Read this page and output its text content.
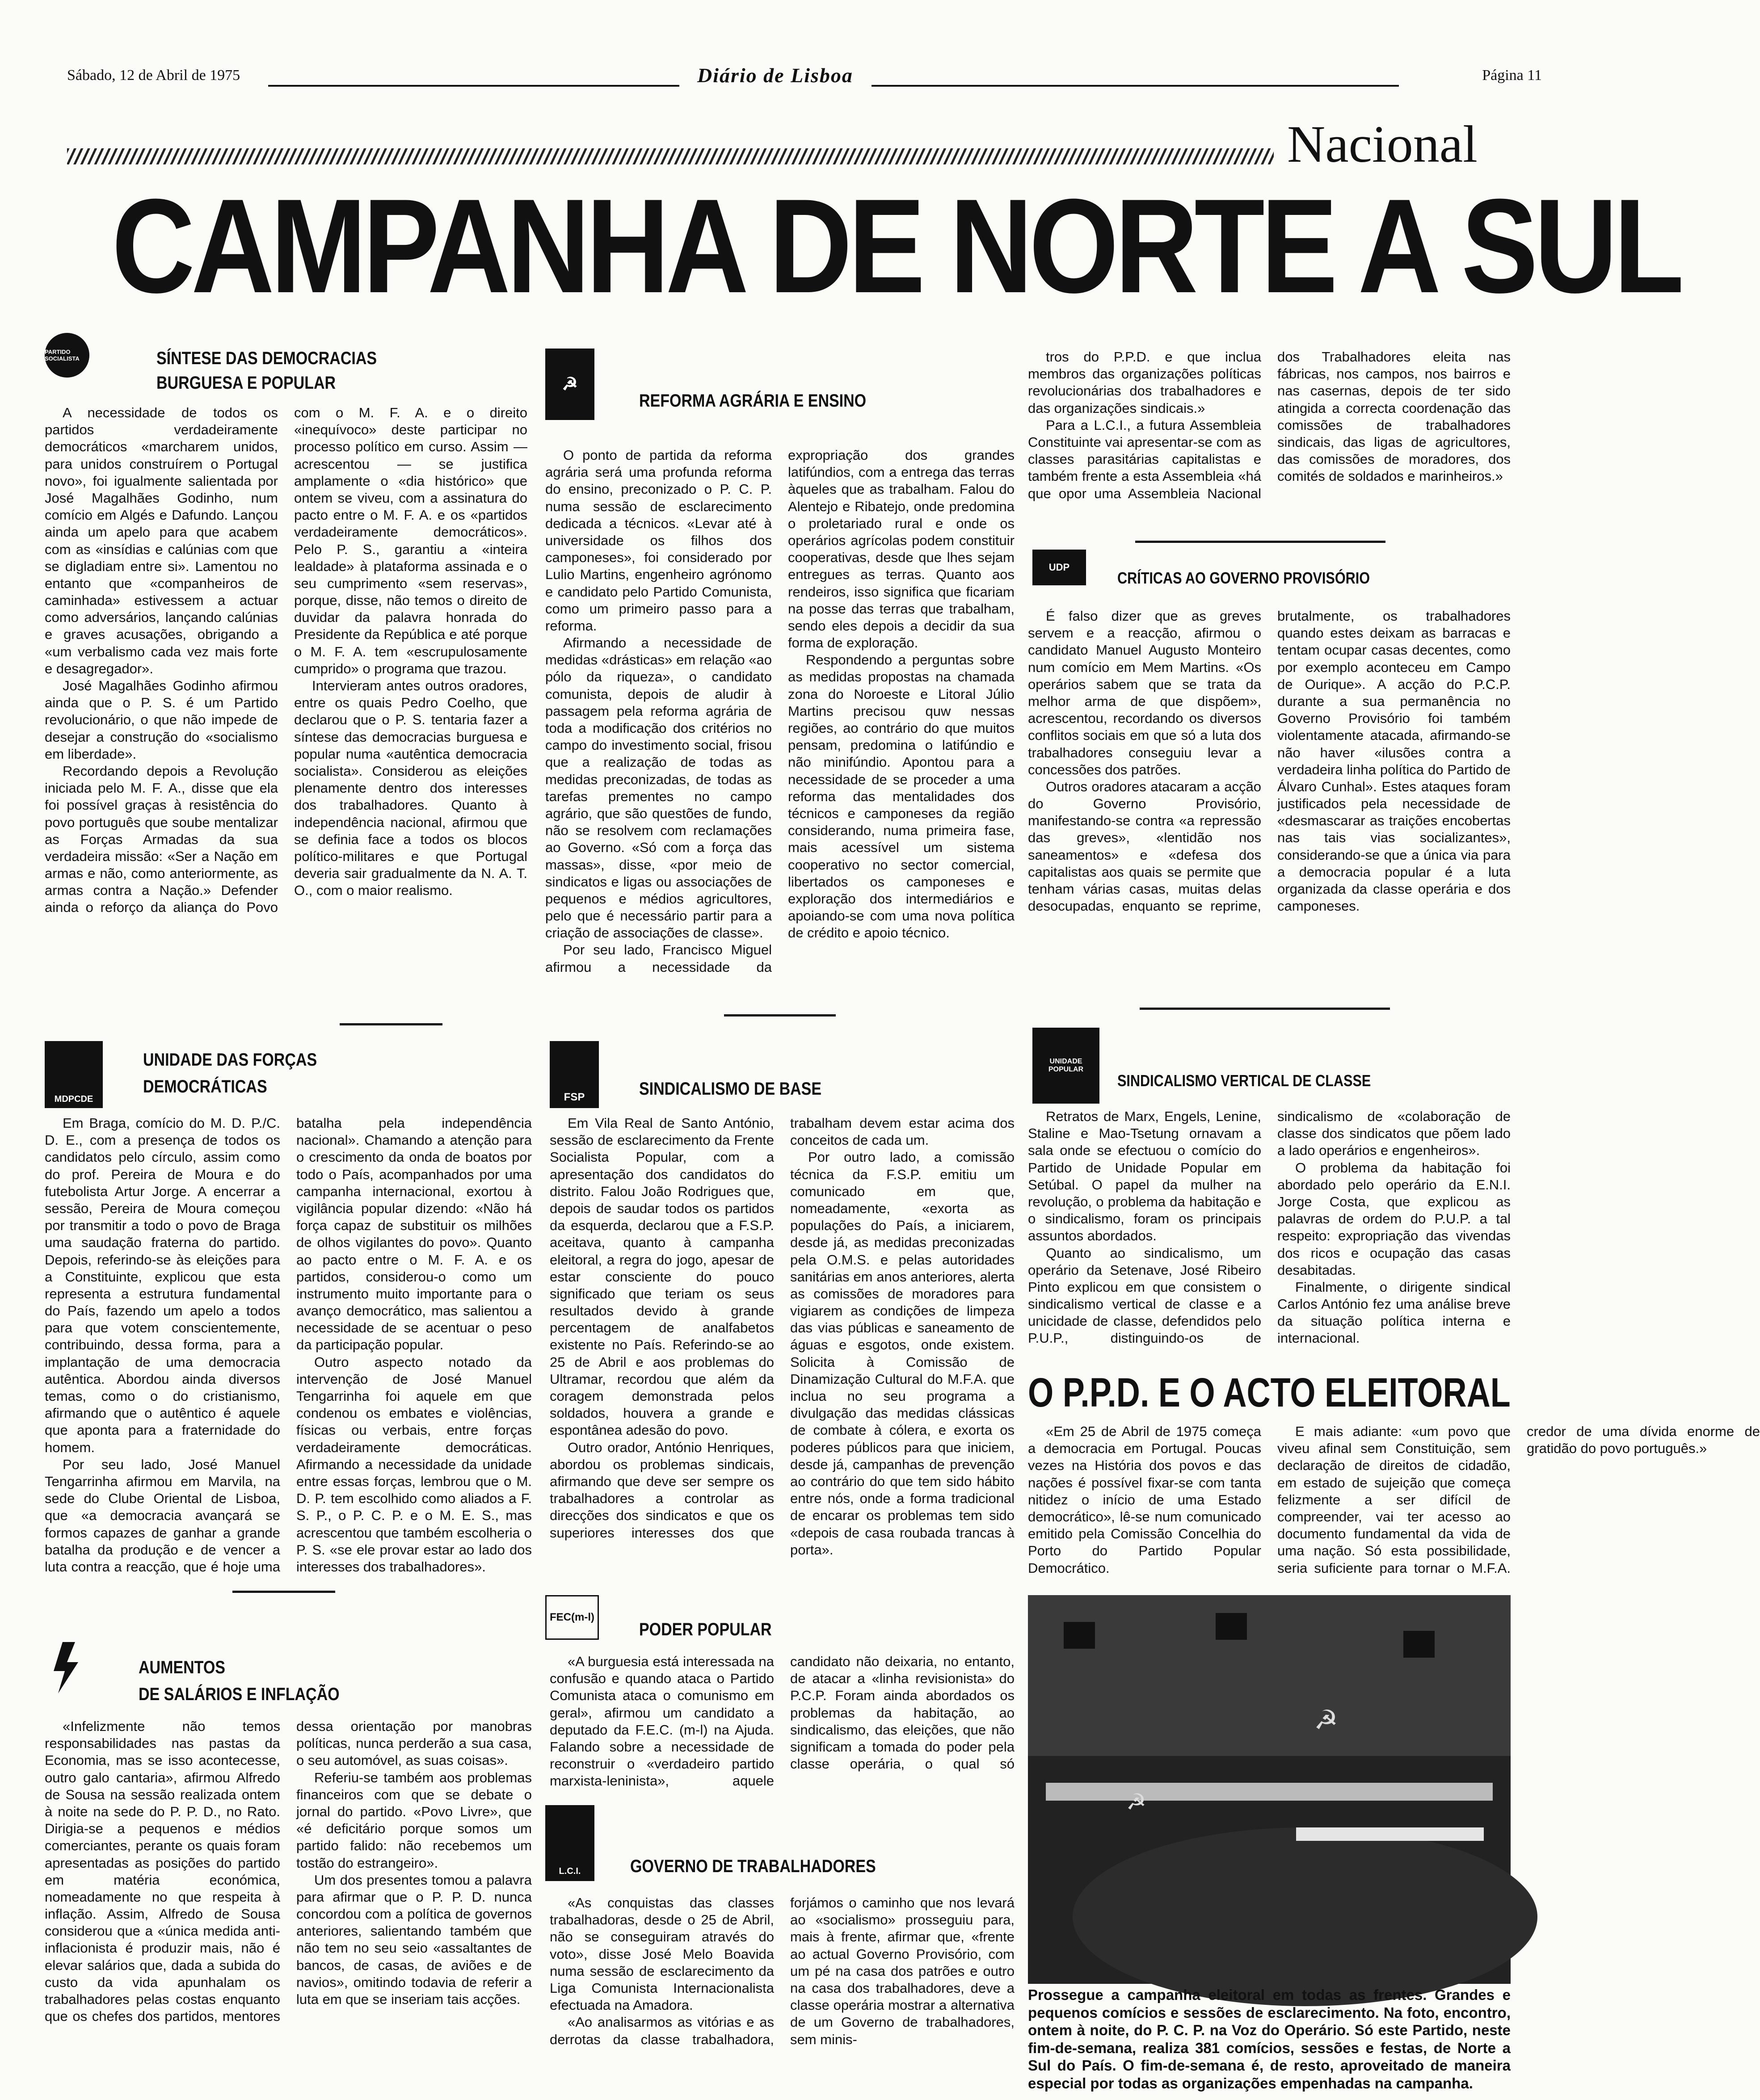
Sábado, 12 de Abril de 1975	Diário de Lisboa	Página 11
Nacional
CAMPANHA DE NORTE A SUL
PARTIDO SOCIALISTA	SÍNTESE DAS DEMOCRACIAS
BURGUESA E POPULAR

A necessidade de todos os partidos verdadeiramente democráticos «marcharem unidos, para unidos construírem o Portugal novo», foi igualmente salientada por José Magalhães Godinho, num comício em Algés e Dafundo. Lançou ainda um apelo para que acabem com as «insídias e calúnias com que se digladiam entre si». Lamentou no entanto que «companheiros de caminhada» estivessem a actuar como adversários, lançando calúnias e graves acusações, obrigando a «um verbalismo cada vez mais forte e desagregador».

José Magalhães Godinho afirmou ainda que o P. S. é um Partido revolucionário, o que não impede de desejar a construção do «socialismo em liberdade».

Recordando depois a Revolução iniciada pelo M. F. A., disse que ela foi possível graças à resistência do povo português que soube mentalizar as Forças Armadas da sua verdadeira missão: «Ser a Nação em armas e não, como anteriormente, as armas contra a Nação.» Defender ainda o reforço da aliança do Povo com o M. F. A. e o direito «inequívoco» deste participar no processo político em curso. Assim — acrescentou — se justifica amplamente o «dia histórico» que ontem se viveu, com a assinatura do pacto entre o M. F. A. e os «partidos verdadeiramente democráticos». Pelo P. S., garantiu a «inteira lealdade» à plataforma assinada e o seu cumprimento «sem reservas», porque, disse, não temos o direito de duvidar da palavra honrada do Presidente da República e até porque o M. F. A. tem «escrupulosamente cumprido» o programa que trazou.

Intervieram antes outros oradores, entre os quais Pedro Coelho, que declarou que o P. S. tentaria fazer a síntese das democracias burguesa e popular numa «autêntica democracia socialista». Considerou as eleições plenamente dentro dos interesses dos trabalhadores. Quanto à independência nacional, afirmou que se definia face a todos os blocos político-militares e que Portugal deveria sair gradualmente da N. A. T. O., com o maior realismo.

☭
REFORMA AGRÁRIA E ENSINO

O ponto de partida da reforma agrária será uma profunda reforma do ensino, preconizado o P. C. P. numa sessão de esclarecimento dedicada a técnicos. «Levar até à universidade os filhos dos camponeses», foi considerado por Lulio Martins, engenheiro agrónomo e candidato pelo Partido Comunista, como um primeiro passo para a reforma.

Afirmando a necessidade de medidas «drásticas» em relação «ao pólo da riqueza», o candidato comunista, depois de aludir à passagem pela reforma agrária de toda a modificação dos critérios no campo do investimento social, frisou que a realização de todas as medidas preconizadas, de todas as tarefas prementes no campo agrário, que são questões de fundo, não se resolvem com reclamações ao Governo. «Só com a força das massas», disse, «por meio de sindicatos e ligas ou associações de pequenos e médios agricultores, pelo que é necessário partir para a criação de associações de classe».

Por seu lado, Francisco Miguel afirmou a necessidade da expropriação dos grandes latifúndios, com a entrega das terras àqueles que as trabalham. Falou do Alentejo e Ribatejo, onde predomina o proletariado rural e onde os operários agrícolas podem constituir cooperativas, desde que lhes sejam entregues as terras. Quanto aos rendeiros, isso significa que ficariam na posse das terras que trabalham, sendo eles depois a decidir da sua forma de exploração.

Respondendo a perguntas sobre as medidas propostas na chamada zona do Noroeste e Litoral Júlio Martins precisou quw nessas regiões, ao contrário do que muitos pensam, predomina o latifúndio e não minifúndio. Apontou para a necessidade de se proceder a uma reforma das mentalidades dos técnicos e camponeses da região considerando, numa primeira fase, mais acessível um sistema cooperativo no sector comercial, libertados os camponeses e exploração dos intermediários e apoiando-se com uma nova política de crédito e apoio técnico.

tros do P.P.D. e que inclua membros das organizações políticas revolucionárias dos trabalhadores e das organizações sindicais.»

Para a L.C.I., a futura Assembleia Constituinte vai apresentar-se com as classes parasitárias capitalistas e também frente a esta Assembleia «há que opor uma Assembleia Nacional dos Trabalhadores eleita nas fábricas, nos campos, nos bairros e nas casernas, depois de ter sido atingida a correcta coordenação das comissões de trabalhadores sindicais, das ligas de agricultores, das comissões de moradores, dos comités de soldados e marinheiros.»

UDP
CRÍTICAS AO GOVERNO PROVISÓRIO

É falso dizer que as greves servem e a reacção, afirmou o candidato Manuel Augusto Monteiro num comício em Mem Martins. «Os operários sabem que se trata da melhor arma de que dispõem», acrescentou, recordando os diversos conflitos sociais em que só a luta dos trabalhadores conseguiu levar a concessões dos patrões.

Outros oradores atacaram a acção do Governo Provisório, manifestando-se contra «a repressão das greves», «lentidão nos saneamentos» e «defesa dos capitalistas aos quais se permite que tenham várias casas, muitas delas desocupadas, enquanto se reprime, brutalmente, os trabalhadores quando estes deixam as barracas e tentam ocupar casas decentes, como por exemplo aconteceu em Campo de Ourique». A acção do P.C.P. durante a sua permanência no Governo Provisório foi também violentamente atacada, afirmando-se não haver «ilusões contra a verdadeira linha política do Partido de Álvaro Cunhal». Estes ataques foram justificados pela necessidade de «desmascarar as traições encobertas nas tais vias socializantes», considerando-se que a única via para a democracia popular é a luta organizada da classe operária e dos camponeses.

MDPCDE
UNIDADE DAS FORÇAS
DEMOCRÁTICAS

Em Braga, comício do M. D. P./C. D. E., com a presença de todos os candidatos pelo círculo, assim como do prof. Pereira de Moura e do futebolista Artur Jorge. A encerrar a sessão, Pereira de Moura começou por transmitir a todo o povo de Braga uma saudação fraterna do partido. Depois, referindo-se às eleições para a Constituinte, explicou que esta representa a estrutura fundamental do País, fazendo um apelo a todos para que votem conscientemente, contribuindo, dessa forma, para a implantação de uma democracia autêntica. Abordou ainda diversos temas, como o do cristianismo, afirmando que o autêntico é aquele que aponta para a fraternidade do homem.

Por seu lado, José Manuel Tengarrinha afirmou em Marvila, na sede do Clube Oriental de Lisboa, que «a democracia avançará se formos capazes de ganhar a grande batalha da produção e de vencer a luta contra a reacção, que é hoje uma batalha pela independência nacional». Chamando a atenção para o crescimento da onda de boatos por todo o País, acompanhados por uma campanha internacional, exortou à vigilância popular dizendo: «Não há força capaz de substituir os milhões de olhos vigilantes do povo». Quanto ao pacto entre o M. F. A. e os partidos, considerou-o como um instrumento muito importante para o avanço democrático, mas salientou a necessidade de se acentuar o peso da participação popular.

Outro aspecto notado da intervenção de José Manuel Tengarrinha foi aquele em que condenou os embates e violências, físicas ou verbais, entre forças verdadeiramente democráticas. Afirmando a necessidade da unidade entre essas forças, lembrou que o M. D. P. tem escolhido como aliados a F. S. P., o P. C. P. e o M. E. S., mas acrescentou que também escolheria o P. S. «se ele provar estar ao lado dos interesses dos trabalhadores».

FSP	SINDICALISMO DE BASE

Em Vila Real de Santo António, sessão de esclarecimento da Frente Socialista Popular, com a apresentação dos candidatos do distrito. Falou João Rodrigues que, depois de saudar todos os partidos da esquerda, declarou que a F.S.P. aceitava, quanto à campanha eleitoral, a regra do jogo, apesar de estar consciente do pouco significado que teriam os seus resultados devido à grande percentagem de analfabetos existente no País. Referindo-se ao 25 de Abril e aos problemas do Ultramar, recordou que além da coragem demonstrada pelos soldados, houvera a grande e espontânea adesão do povo.

Outro orador, António Henriques, abordou os problemas sindicais, afirmando que deve ser sempre os trabalhadores a controlar as direcções dos sindicatos e que os superiores interesses dos que trabalham devem estar acima dos conceitos de cada um.

Por outro lado, a comissão técnica da F.S.P. emitiu um comunicado em que, nomeadamente, «exorta as populações do País, a iniciarem, desde já, as medidas preconizadas pela O.M.S. e pelas autoridades sanitárias em anos anteriores, alerta as comissões de moradores para vigiarem as condições de limpeza das vias públicas e saneamento de águas e esgotos, onde existem. Solicita à Comissão de Dinamização Cultural do M.F.A. que inclua no seu programa a divulgação das medidas clássicas de combate à cólera, e exorta os poderes públicos para que iniciem, desde já, campanhas de prevenção ao contrário do que tem sido hábito entre nós, onde a forma tradicional de encarar os problemas tem sido «depois de casa roubada trancas à porta».

UNIDADE POPULAR
SINDICALISMO VERTICAL DE CLASSE

Retratos de Marx, Engels, Lenine, Staline e Mao-Tsetung ornavam a sala onde se efectuou o comício do Partido de Unidade Popular em Setúbal. O papel da mulher na revolução, o problema da habitação e o sindicalismo, foram os principais assuntos abordados.

Quanto ao sindicalismo, um operário da Setenave, José Ribeiro Pinto explicou em que consistem o sindicalismo vertical de classe e a unicidade de classe, defendidos pelo P.U.P., distinguindo-os de sindicalismo de «colaboração de classe dos sindicatos que põem lado a lado operários e engenheiros».

O problema da habitação foi abordado pelo operário da E.N.I. Jorge Costa, que explicou as palavras de ordem do P.U.P. a tal respeito: expropriação das vivendas dos ricos e ocupação das casas desabitadas.

Finalmente, o dirigente sindical Carlos António fez uma análise breve da situação política interna e internacional.

O P.P.D. E O ACTO ELEITORAL

«Em 25 de Abril de 1975 começa a democracia em Portugal. Poucas vezes na História dos povos e das nações é possível fixar-se com tanta nitidez o início de uma Estado democrático», lê-se num comunicado emitido pela Comissão Concelhia do Porto do Partido Popular Democrático.

E mais adiante: «um povo que viveu afinal sem Constituição, sem declaração de direitos de cidadão, em estado de sujeição que começa felizmente a ser difícil de compreender, vai ter acesso ao documento fundamental da vida de uma nação. Só esta possibilidade, seria suficiente para tornar o M.F.A. credor de uma dívida enorme de gratidão do povo português.»

AUMENTOS
DE SALÁRIOS E INFLAÇÃO

«Infelizmente não temos responsabilidades nas pastas da Economia, mas se isso acontecesse, outro galo cantaria», afirmou Alfredo de Sousa na sessão realizada ontem à noite na sede do P. P. D., no Rato. Dirigia-se a pequenos e médios comerciantes, perante os quais foram apresentadas as posições do partido em matéria económica, nomeadamente no que respeita à inflação. Assim, Alfredo de Sousa considerou que a «única medida anti-inflacionista é produzir mais, não é elevar salários que, dada a subida do custo da vida apunhalam os trabalhadores pelas costas enquanto que os chefes dos partidos, mentores dessa orientação por manobras políticas, nunca perderão a sua casa, o seu automóvel, as suas coisas».

Referiu-se também aos problemas financeiros com que se debate o jornal do partido. «Povo Livre», que «é deficitário porque somos um partido falido: não recebemos um tostão do estrangeiro».

Um dos presentes tomou a palavra para afirmar que o P. P. D. nunca concordou com a política de governos anteriores, salientando também que não tem no seu seio «assaltantes de bancos, de casas, de aviões e de navios», omitindo todavia de referir a luta em que se inseriam tais acções.

FEC(m-l)
PODER POPULAR

«A burguesia está interessada na confusão e quando ataca o Partido Comunista ataca o comunismo em geral», afirmou um candidato a deputado da F.E.C. (m-l) na Ajuda. Falando sobre a necessidade de reconstruir o «verdadeiro partido marxista-leninista», aquele candidato não deixaria, no entanto, de atacar a «linha revisionista» do P.C.P. Foram ainda abordados os problemas da habitação, ao sindicalismo, das eleições, que não significam a tomada do poder pela classe operária, o qual só

L.C.I.	GOVERNO DE TRABALHADORES

«As conquistas das classes trabalhadoras, desde o 25 de Abril, não se conseguiram através do voto», disse José Melo Boavida numa sessão de esclarecimento da Liga Comunista Internacionalista efectuada na Amadora.

«Ao analisarmos as vitórias e as derrotas da classe trabalhadora, forjámos o caminho que nos levará ao «socialismo» prosseguiu para, mais à frente, afirmar que, «frente ao actual Governo Provisório, com um pé na casa dos patrões e outro na casa dos trabalhadores, deve a classe operária mostrar a alternativa de um Governo de trabalhadores, sem minis-

☭
☭
Prossegue a campanha eleitoral em todas as frentes. Grandes e pequenos comícios e sessões de esclarecimento. Na foto, encontro, ontem à noite, do P. C. P. na Voz do Operário. Só este Partido, neste fim-de-semana, realiza 381 comícios, sessões e festas, de Norte a Sul do País. O fim-de-semana é, de resto, aproveitado de maneira especial por todas as organizações empenhadas na campanha.
